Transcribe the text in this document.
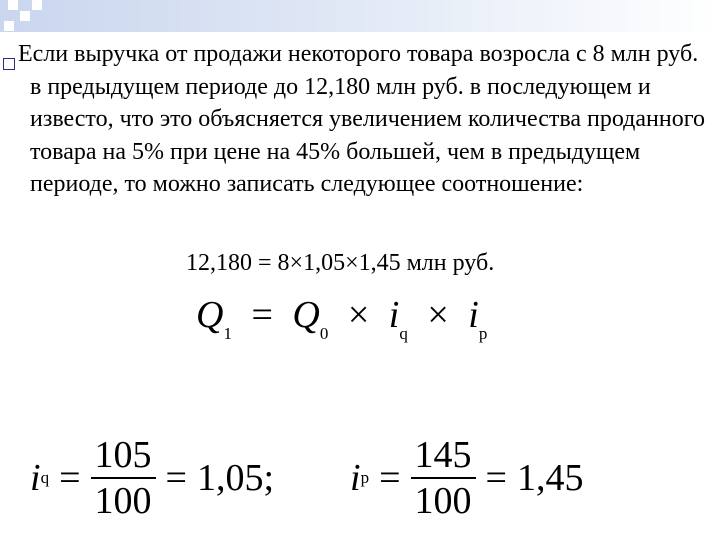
Если выручка от продажи некоторого товара возросла с 8 млн руб. в предыдущем периоде до 12,180 млн руб. в последующем и известо, что это объясняется увеличением количества проданного товара на 5% при цене на 45% большей, чем в предыдущем периоде, то можно записать следующее соотношение:
12,180 = 8×1,05×1,45 млн руб.
$Q_1 = Q_0 \times i_q \times i_p$
i $q = \frac{105}{100} = 1,05$; i $p = \frac{145}{100} = 1,45$
